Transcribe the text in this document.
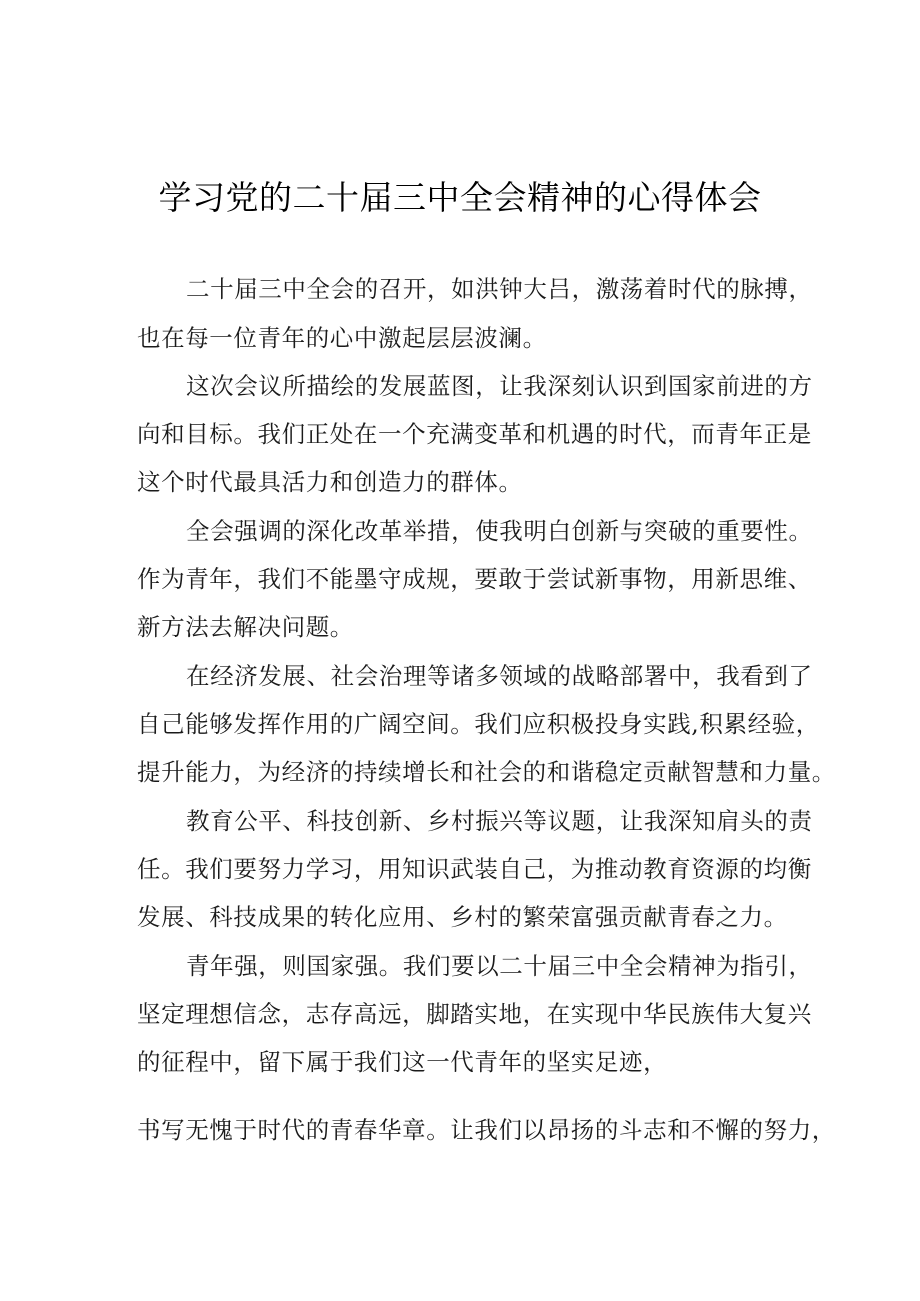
学习党的二十届三中全会精神的心得体会

二十届三中全会的召开，如洪钟大吕，激荡着时代的脉搏，

也在每一位青年的心中激起层层波澜。

这次会议所描绘的发展蓝图，让我深刻认识到国家前进的方

向和目标。我们正处在一个充满变革和机遇的时代，而青年正是

这个时代最具活力和创造力的群体。

全会强调的深化改革举措，使我明白创新与突破的重要性。

作为青年，我们不能墨守成规，要敢于尝试新事物，用新思维、

新方法去解决问题。

在经济发展、社会治理等诸多领域的战略部署中，我看到了

自己能够发挥作用的广阔空间。我们应积极投身实践,积累经验，

提升能力，为经济的持续增长和社会的和谐稳定贡献智慧和力量。

教育公平、科技创新、乡村振兴等议题，让我深知肩头的责

任。我们要努力学习，用知识武装自己，为推动教育资源的均衡

发展、科技成果的转化应用、乡村的繁荣富强贡献青春之力。

青年强，则国家强。我们要以二十届三中全会精神为指引，

坚定理想信念，志存高远，脚踏实地，在实现中华民族伟大复兴

的征程中，留下属于我们这一代青年的坚实足迹，

书写无愧于时代的青春华章。让我们以昂扬的斗志和不懈的努力，
